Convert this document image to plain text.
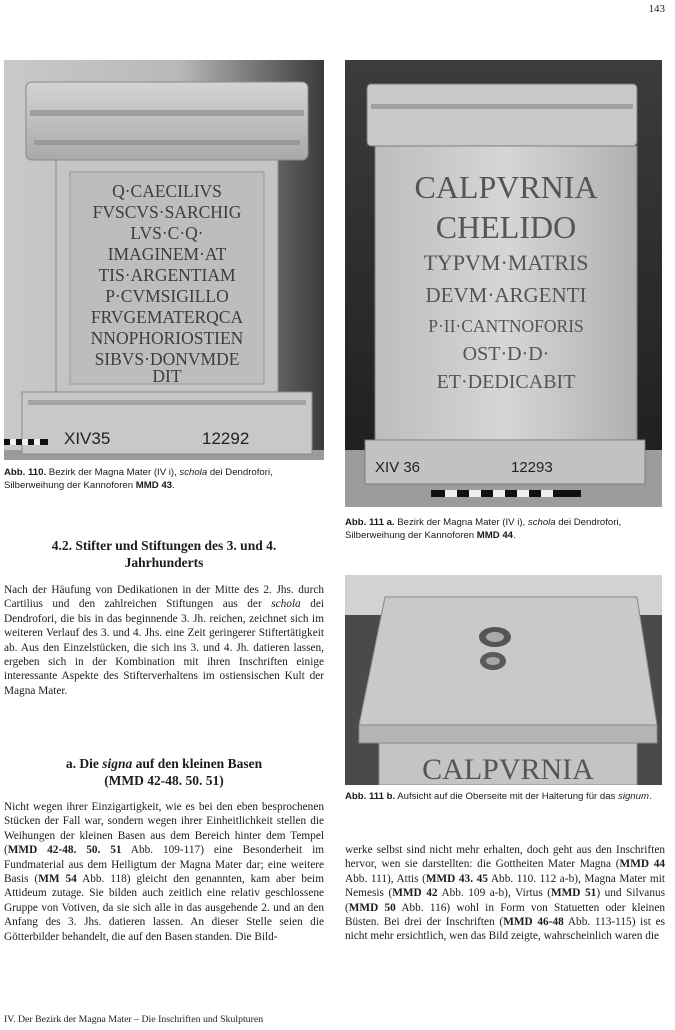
143
Q·CAECILIVS
FVSCVS·SARCHIG
LVS·C·Q·
IMAGINEM·AT
TIS·ARGENTIAM
P·CVMSIGILLO
FRVGEMATERQCA
NNOPHORIOSTIEN
SIBVS·DONVMDE
DIT
XIV35	12292
Abb. 110. Bezirk der Magna Mater (IV i), schola dei Dendrofori, Silberweihung der Kannoforen MMD 43.
CALPVRNIA
CHELIDO
TYPVM·MATRIS
DEVM·ARGENTI
P·II·CANTNOFORIS
OST·D·D·
ET·DEDICABIT
XIV 36	12293
Abb. 111 a. Bezirk der Magna Mater (IV i), schola dei Dendrofori, Silberweihung der Kannoforen MMD 44.
CALPVRNIA
Abb. 111 b. Aufsicht auf die Oberseite mit der Halterung für das signum.
4.2. Stifter und Stiftungen des 3. und 4.
Jahrhunderts
Nach der Häufung von Dedikationen in der Mitte des 2. Jhs. durch Cartilius und den zahlreichen Stiftungen aus der schola dei Dendrofori, die bis in das beginnende 3. Jh. reichen, zeichnet sich im weiteren Verlauf des 3. und 4. Jhs. eine Zeit geringerer Stiftertätigkeit ab. Aus den Einzelstücken, die sich ins 3. und 4. Jh. datieren lassen, ergeben sich in der Kombination mit ihren Inschriften einige interessante Aspekte des Stifterverhaltens im ostiensischen Kult der Magna Mater.
a. Die signa auf den kleinen Basen
(MMD 42-48. 50. 51)
Nicht wegen ihrer Einzigartigkeit, wie es bei den eben besprochenen Stücken der Fall war, sondern wegen ihrer Einheitlichkeit stellen die Weihungen der kleinen Basen aus dem Bereich hinter dem Tempel (MMD 42-48. 50. 51 Abb. 109-117) eine Besonderheit im Fundmaterial aus dem Heiligtum der Magna Mater dar; eine weitere Basis (MM 54 Abb. 118) gleicht den genannten, kam aber beim Attideum zutage. Sie bilden auch zeitlich eine relativ geschlossene Gruppe von Votiven, da sie sich alle in das ausgehende 2. und an den Anfang des 3. Jhs. datieren lassen. An dieser Stelle seien die Götterbilder behandelt, die auf den Basen standen. Die Bild-
werke selbst sind nicht mehr erhalten, doch geht aus den Inschriften hervor, wen sie darstellten: die Gottheiten Mater Magna (MMD 44 Abb. 111), Attis (MMD 43. 45 Abb. 110. 112 a-b), Magna Mater mit Nemesis (MMD 42 Abb. 109 a-b), Virtus (MMD 51) und Silvanus (MMD 50 Abb. 116) wohl in Form von Statuetten oder kleinen Büsten. Bei drei der Inschriften (MMD 46-48 Abb. 113-115) ist es nicht mehr ersichtlich, wen das Bild zeigte, wahrscheinlich waren die
IV. Der Bezirk der Magna Mater – Die Inschriften und Skulpturen
